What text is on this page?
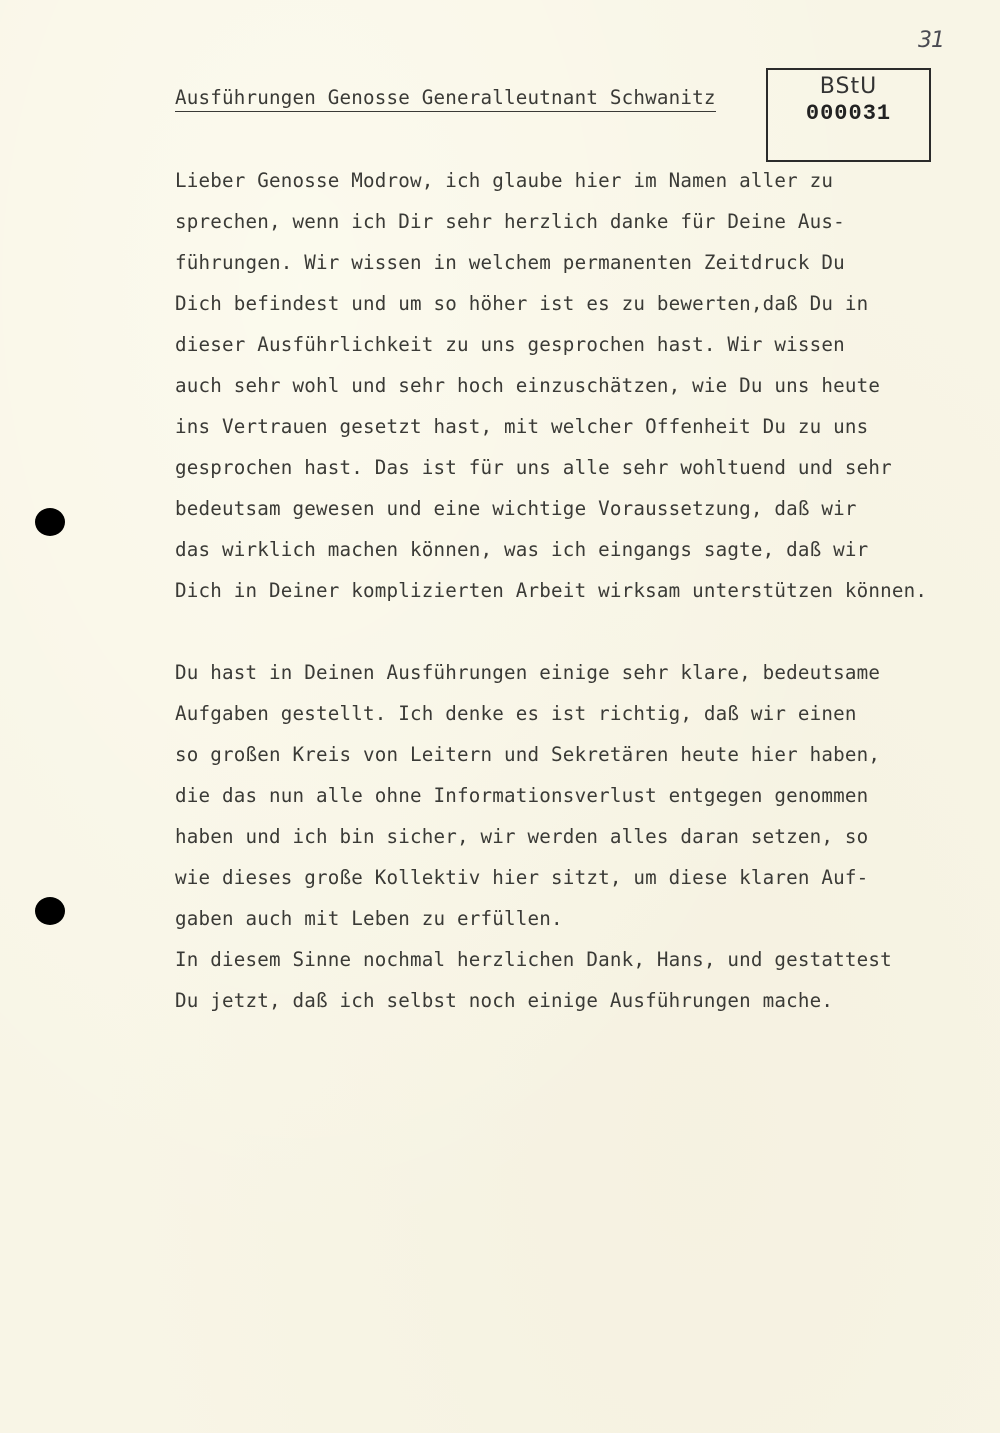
31
BStU
000031
Ausführungen Genosse Generalleutnant Schwanitz
Lieber Genosse Modrow, ich glaube hier im Namen aller zu
sprechen, wenn ich Dir sehr herzlich danke für Deine Aus-
führungen. Wir wissen in welchem permanenten Zeitdruck Du
Dich befindest und um so höher ist es zu bewerten,daß Du in
dieser Ausführlichkeit zu uns gesprochen hast. Wir wissen
auch sehr wohl und sehr hoch einzuschätzen, wie Du uns heute
ins Vertrauen gesetzt hast, mit welcher Offenheit Du zu uns
gesprochen hast. Das ist für uns alle sehr wohltuend und sehr
bedeutsam gewesen und eine wichtige Voraussetzung, daß wir
das wirklich machen können, was ich eingangs sagte, daß wir
Dich in Deiner komplizierten Arbeit wirksam unterstützen können.
Du hast in Deinen Ausführungen einige sehr klare, bedeutsame
Aufgaben gestellt. Ich denke es ist richtig, daß wir einen
so großen Kreis von Leitern und Sekretären heute hier haben,
die das nun alle ohne Informationsverlust entgegen genommen
haben und ich bin sicher, wir werden alles daran setzen, so
wie dieses große Kollektiv hier sitzt, um diese klaren Auf-
gaben auch mit Leben zu erfüllen.
In diesem Sinne nochmal herzlichen Dank, Hans, und gestattest
Du jetzt, daß ich selbst noch einige Ausführungen mache.
